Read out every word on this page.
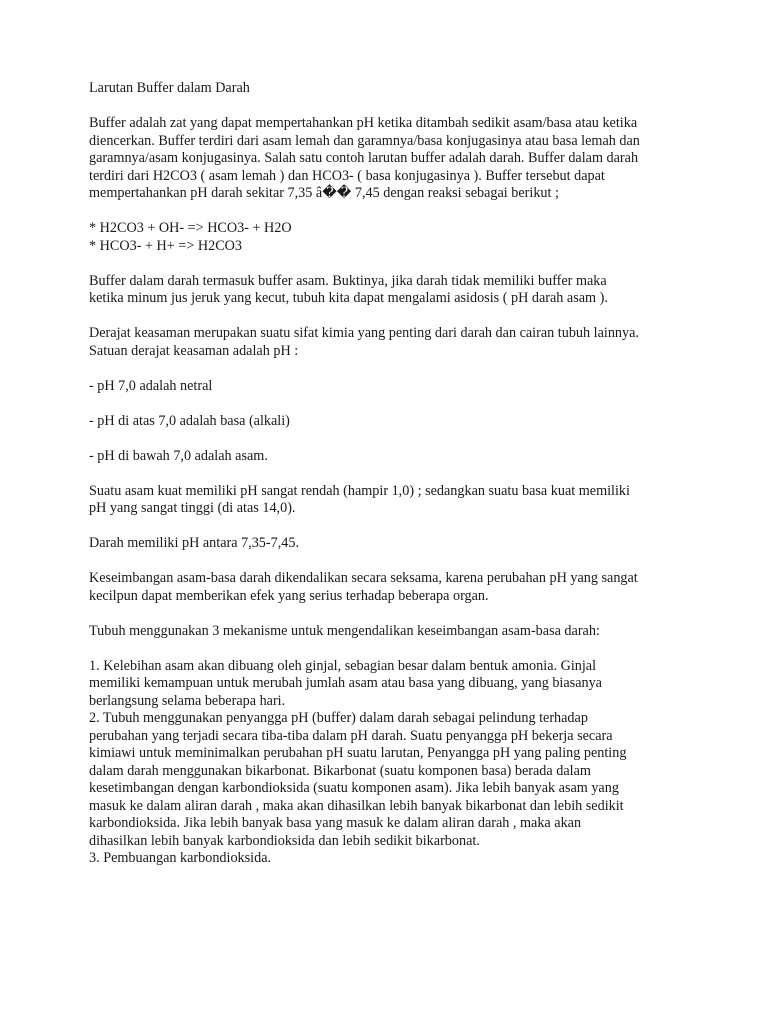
Larutan Buffer dalam Darah

Buffer adalah zat yang dapat mempertahankan pH ketika ditambah sedikit asam/basa atau ketika
diencerkan. Buffer terdiri dari asam lemah dan garamnya/basa konjugasinya atau basa lemah dan
garamnya/asam konjugasinya. Salah satu contoh larutan buffer adalah darah. Buffer dalam darah
terdiri dari H2CO3 ( asam lemah ) dan HCO3- ( basa konjugasinya ). Buffer tersebut dapat
mempertahankan pH darah sekitar 7,35 â�� 7,45 dengan reaksi sebagai berikut ;

* H2CO3 + OH- => HCO3- + H2O

* HCO3- + H+ => H2CO3

Buffer dalam darah termasuk buffer asam. Buktinya, jika darah tidak memiliki buffer maka
ketika minum jus jeruk yang kecut, tubuh kita dapat mengalami asidosis ( pH darah asam ).

Derajat keasaman merupakan suatu sifat kimia yang penting dari darah dan cairan tubuh lainnya.
Satuan derajat keasaman adalah pH :

- pH 7,0 adalah netral

- pH di atas 7,0 adalah basa (alkali)

- pH di bawah 7,0 adalah asam.

Suatu asam kuat memiliki pH sangat rendah (hampir 1,0) ; sedangkan suatu basa kuat memiliki
pH yang sangat tinggi (di atas 14,0).

Darah memiliki pH antara 7,35-7,45.

Keseimbangan asam-basa darah dikendalikan secara seksama, karena perubahan pH yang sangat
kecilpun dapat memberikan efek yang serius terhadap beberapa organ.

Tubuh menggunakan 3 mekanisme untuk mengendalikan keseimbangan asam-basa darah:

1. Kelebihan asam akan dibuang oleh ginjal, sebagian besar dalam bentuk amonia. Ginjal
memiliki kemampuan untuk merubah jumlah asam atau basa yang dibuang, yang biasanya
berlangsung selama beberapa hari.

2. Tubuh menggunakan penyangga pH (buffer) dalam darah sebagai pelindung terhadap
perubahan yang terjadi secara tiba-tiba dalam pH darah. Suatu penyangga pH bekerja secara
kimiawi untuk meminimalkan perubahan pH suatu larutan, Penyangga pH yang paling penting
dalam darah menggunakan bikarbonat. Bikarbonat (suatu komponen basa) berada dalam
kesetimbangan dengan karbondioksida (suatu komponen asam). Jika lebih banyak asam yang
masuk ke dalam aliran darah , maka akan dihasilkan lebih banyak bikarbonat dan lebih sedikit
karbondioksida. Jika lebih banyak basa yang masuk ke dalam aliran darah , maka akan
dihasilkan lebih banyak karbondioksida dan lebih sedikit bikarbonat.

3. Pembuangan karbondioksida.
